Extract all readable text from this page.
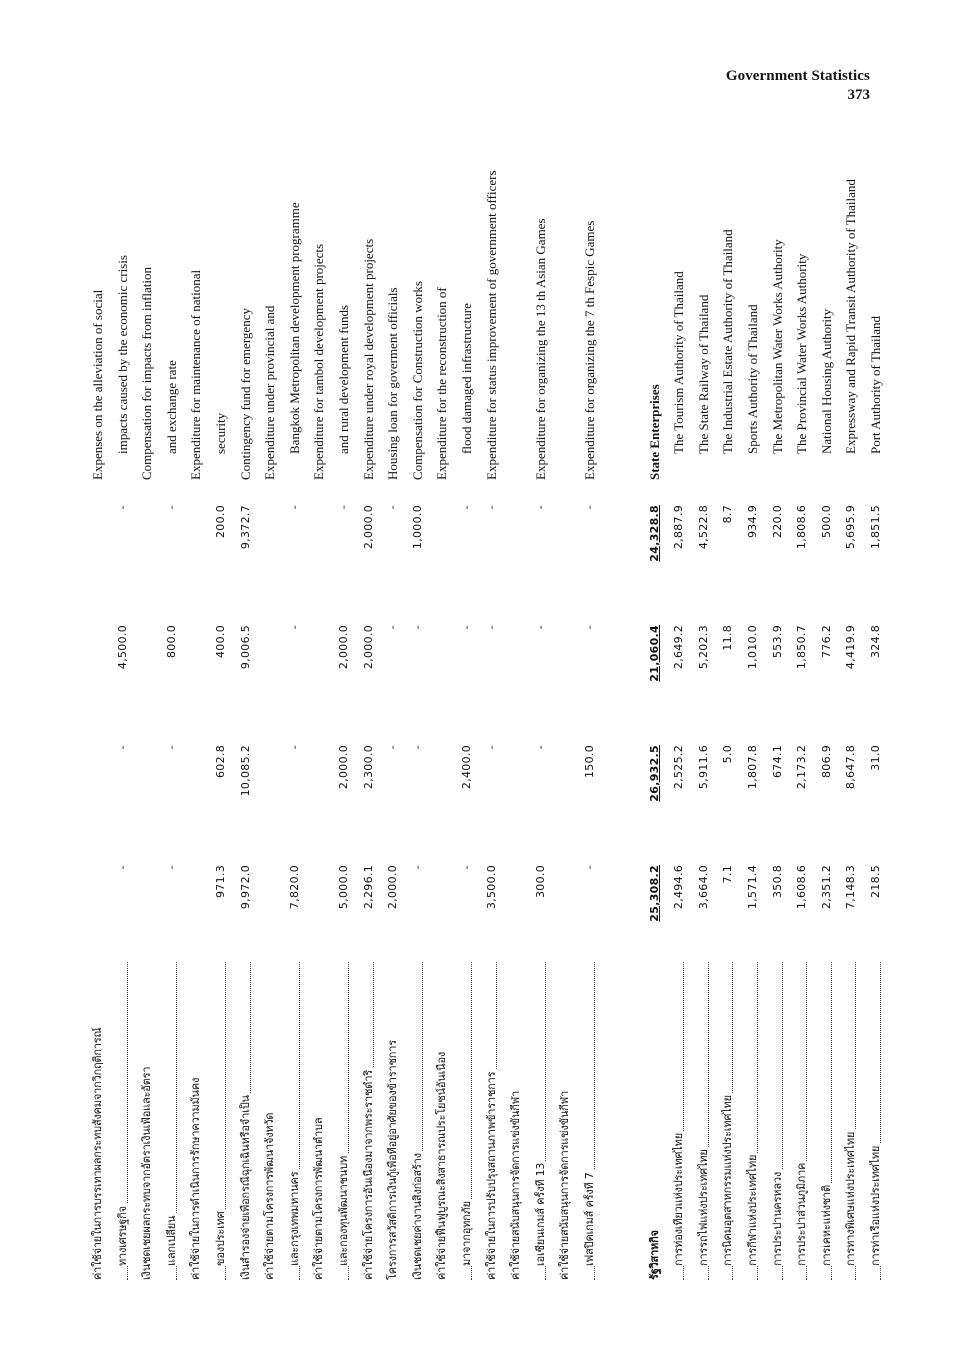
Government Statistics
373
ค่าใช้จ่ายในการบรรเทาผลกระทบสังคมจากวิกฤติการณ์
Expenses on the alleviation of social
ทางเศรษฐกิจ
-
-
4,500.0
-
impacts caused by the economic crisis
เงินชดเชยผลกระทบจากอัตราเงินเฟ้อและอัตรา
Compensation for impacts from inflation
แลกเปลี่ยน
-
-
800.0
-
and exchange rate
ค่าใช้จ่ายในการดำเนินการรักษาความมั่นคง
Expenditure for maintenance of national
ของประเทศ
971.3
602.8
400.0
200.0
security
เงินสำรองจ่ายเพื่อกรณีฉุกเฉินหรือจำเป็น
9,972.0
10,085.2
9,006.5
9,372.7
Contingency fund for emergency
ค่าใช้จ่ายตามโครงการพัฒนาจังหวัด
Expenditure under provincial and
และกรุงเทพมหานคร
7,820.0
-
-
-
Bangkok Metropolitan development programme
ค่าใช้จ่ายตามโครงการพัฒนาตำบล
Expenditure for tambol development projects
และกองทุนพัฒนาชนบท
5,000.0
2,000.0
2,000.0
-
and rural development funds
ค่าใช้จ่ายโครงการอันเนื่องมาจากพระราชดำริ
2,296.1
2,300.0
2,000.0
2,000.0
Expenditure under royal development projects
โครงการสวัสดิการเงินกู้เพื่อที่อยู่อาศัยของข้าราชการ
2,000.0
-
-
-
Housing loan for goverment officials
เงินชดเชยค่างานสิ่งก่อสร้าง
-
-
-
1,000.0
Compensation for Construction works
ค่าใช้จ่ายฟื้นฟูบูรณะสิ่งสาธารณประโยชน์อันเนื่อง
Expenditure for the reconstruction of
มาจากอุทกภัย
-
2,400.0
-
-
flood damaged infrastructure
ค่าใช้จ่ายในการปรับปรุงสถานภาพข้าราชการ
3,500.0
-
-
-
Expenditure for status improvement of government officers
ค่าใช้จ่ายสนับสนุนการจัดการแข่งขันกีฬา เอเชี่ยนเกมส์ ครั้งที่ 13
300.0
-
-
-
Expenditure for organizing the 13 th Asian Games
ค่าใช้จ่ายสนับสนุนการจัดการแข่งขันกีฬา เฟสปิคเกมส์ ครั้งที่ 7
-
150.0
-
-
Expenditure for organizing the 7 th Fespic Games
รัฐวิสาหกิจ
25,308.2
26,932.5
21,060.4
24,328.8
State Enterprises
การท่องเที่ยวแห่งประเทศไทย
2,494.6
2,525.2
2,649.2
2,887.9
The Tourism Authority of Thailand
การรถไฟแห่งประเทศไทย
3,664.0
5,911.6
5,202.3
4,522.8
The State Railway of Thailand
การนิคมอุตสาหกรรมแห่งประเทศไทย
7.1
5.0
11.8
8.7
The Industrial Estate Authority of Thailand
การกีฬาแห่งประเทศไทย
1,571.4
1,807.8
1,010.0
934.9
Sports Authority of Thailand
การประปานครหลวง
350.8
674.1
553.9
220.0
The Metropolitan Water Works Authority
การประปาส่วนภูมิภาค
1,608.6
2,173.2
1,850.7
1,808.6
The Provincial Water Works Authority
การเคหะแห่งชาติ
2,351.2
806.9
776.2
500.0
National Housing Authority
การทางพิเศษแห่งประเทศไทย
7,148.3
8,647.8
4,419.9
5,695.9
Expressway and Rapid Transit Authority of Thailand
การท่าเรือแห่งประเทศไทย
218.5
31.0
324.8
1,851.5
Port Authority of Thailand
